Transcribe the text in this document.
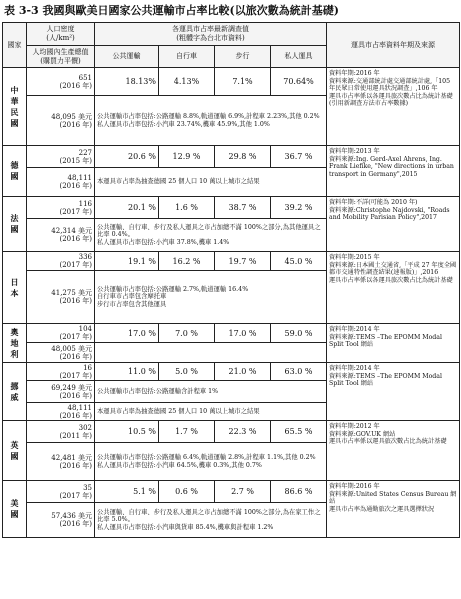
表 3-3 我國與歐美日國家公共運輸市占率比較(以旅次數為統計基礎)
國家	人口密度
(人/km²)	各運具市占率最新調查值
(粗體字為台北市資料)				運具市占率資料年期及來源
	人均國內生產總值(購買力平價)	公共運輸	自行車	步行	私人運具	
中華民國	651
(2016 年)	18.13%	4.13%	7.1%	70.64%	資料年期:2016 年
資料來源:交通部統計處交通部統計處,「105 年民眾日常使用運具狀況調查」,106 年
運具市占率係以各運具旅次數占比為統計基礎(引用新調查方法市占率數據)
	48,095 美元
(2016 年)	公共運輸市占率包括:公路運輸 8.8%,軌道運輸 6.9%,計程車 2.23%,其他 0.2%
私人運具市占率包括:小汽車 23.74%,機車 45.9%,其他 1.0%				
德國	227
(2015 年)	20.6 %	12.9 %	29.8 %	36.7 %	資料年期:2013 年
資料來源:Ing. Gerd-Axel Ahrens, Ing. Frank Liefike, "New directions in urban transport in Germany",2015
	48,111
(2016 年)	本運具市占率為抽查德國 25 個人口 10 萬以上城市之結果				
法國	116
(2017 年)	20.1 %	1.6 %	38.7 %	39.2 %	資料年期:不詳(可能為 2010 年)
資料來源:Christophe Najdovski, "Roads and Mobility Parisian Policy",2017
	42,314 美元
(2016 年)	公共運輸、自行車、步行及私人運具之市占加總不滿 100%之部分,為其他運具之比率 0.4%。
私人運具市占率包括:小汽車 37.8%,機車 1.4%				
日本	336
(2017 年)	19.1 %	16.2 %	19.7 %	45.0 %	資料年期:2015 年
資料來源:日本國土交通省,「平成 27 年度全國都市交通特性調查結果(速報版)」,2016
運具市占率係以各運具旅次數占比為統計基礎
	41,275 美元
(2016 年)	公共運輸市占率包括:公路運輸 2.7%,軌道運輸 16.4%
自行車市占率包含摩托車
步行市占率包含其他運具				
奧地利	104
(2017 年)	17.0 %	7.0 %	17.0 %	59.0 %	資料年期:2014 年
資料來源:TEMS –The EPOMM Modal Split Tool 網站
	48,005 美元
(2016 年)					
挪威	16
(2017 年)	11.0 %	5.0 %	21.0 %	63.0 %	資料年期:2014 年
資料來源:TEMS –The EPOMM Modal Split Tool 網站
	69,249 美元
(2016 年)	公共運輸市占率包括:公路運輸含計程車 1%				
	48,111
(2016 年)	本運具市占率為抽查德國 25 個人口 10 萬以上城市之結果				
英國	302
(2011 年)	10.5 %	1.7 %	22.3 %	65.5 %	資料年期:2012 年
資料來源:GOV.UK 網站
運具市占率係以運具旅次數占比為統計基礎
	42,481 美元
(2016 年)	公共運輸市占率包括:公路運輸 6.4%,軌道運輸 2.8%,計程車 1.1%,其他 0.2%
私人運具市占率包括:小汽車 64.5%,機車 0.3%,其他 0.7%				
美國	35
(2017 年)	5.1 %	0.6 %	2.7 %	86.6 %	資料年期:2016 年
資料來源:United States Census Bureau 網站
運具市占率為通勤旅次之運具選擇狀況
	57,436 美元
(2016 年)	公共運輸、自行車、步行及私人運具之市占加總不滿 100%之部分,為在家工作之比率 5.0%。
私人運具市占率包括:小汽車與貨車 85.4%,機車與計程車 1.2%				
